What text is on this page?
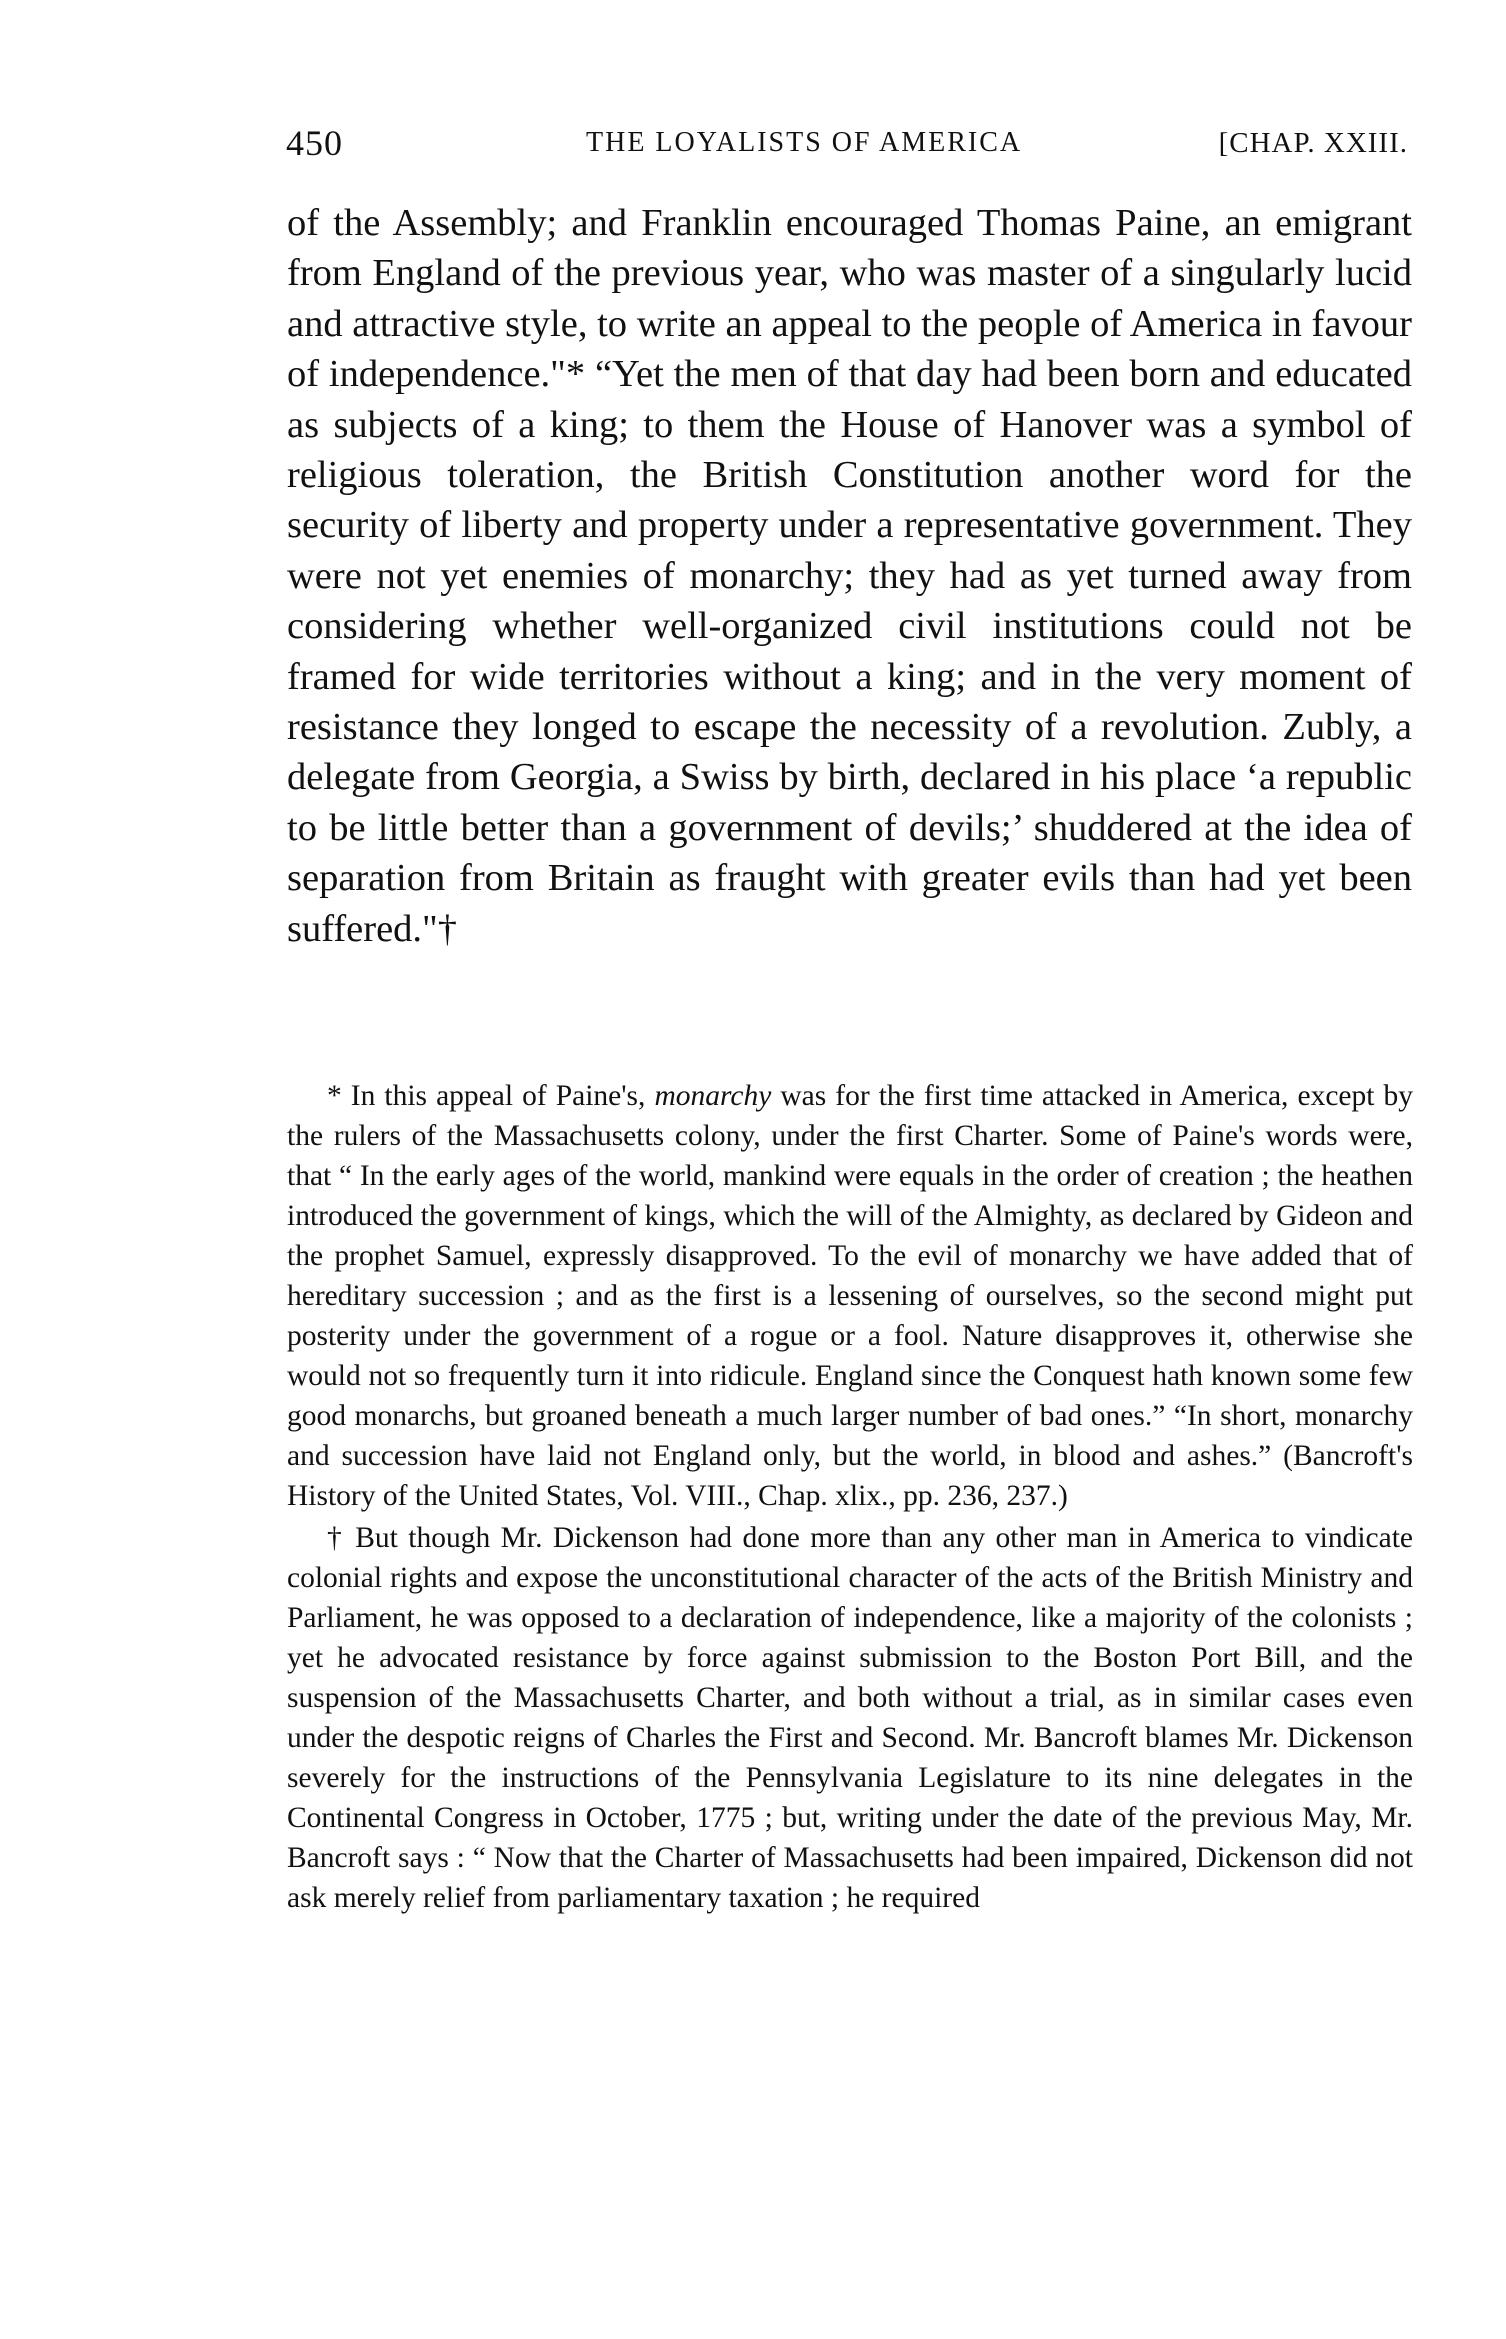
450	THE LOYALISTS OF AMERICA	[CHAP. XXIII.

of the Assembly; and Franklin encouraged Thomas Paine, an emigrant from England of the previous year, who was master of a singularly lucid and attractive style, to write an appeal to the people of America in favour of independence."* “Yet the men of that day had been born and educated as subjects of a king; to them the House of Hanover was a symbol of religious toleration, the British Constitution another word for the security of liberty and property under a representative government. They were not yet enemies of monarchy; they had as yet turned away from considering whether well-organized civil institutions could not be framed for wide territories without a king; and in the very moment of resistance they longed to escape the necessity of a revolution. Zubly, a delegate from Georgia, a Swiss by birth, declared in his place ‘a republic to be little better than a government of devils;’ shuddered at the idea of separation from Britain as fraught with greater evils than had yet been suffered."†

* In this appeal of Paine's, monarchy was for the first time attacked in America, except by the rulers of the Massachusetts colony, under the first Charter. Some of Paine's words were, that “ In the early ages of the world, mankind were equals in the order of creation ; the heathen introduced the government of kings, which the will of the Almighty, as declared by Gideon and the prophet Samuel, expressly disapproved. To the evil of monarchy we have added that of hereditary succession ; and as the first is a lessening of ourselves, so the second might put posterity under the government of a rogue or a fool. Nature disapproves it, otherwise she would not so frequently turn it into ridicule. England since the Conquest hath known some few good monarchs, but groaned beneath a much larger number of bad ones.” “In short, monarchy and succession have laid not England only, but the world, in blood and ashes.” (Bancroft's History of the United States, Vol. VIII., Chap. xlix., pp. 236, 237.)

† But though Mr. Dickenson had done more than any other man in America to vindicate colonial rights and expose the unconstitutional character of the acts of the British Ministry and Parliament, he was opposed to a declaration of independence, like a majority of the colonists ; yet he advocated resistance by force against submission to the Boston Port Bill, and the suspension of the Massachusetts Charter, and both without a trial, as in similar cases even under the despotic reigns of Charles the First and Second. Mr. Bancroft blames Mr. Dickenson severely for the instructions of the Pennsylvania Legislature to its nine delegates in the Continental Congress in October, 1775 ; but, writing under the date of the previous May, Mr. Bancroft says : “ Now that the Charter of Massachusetts had been impaired, Dickenson did not ask merely relief from parliamentary taxation ; he required
